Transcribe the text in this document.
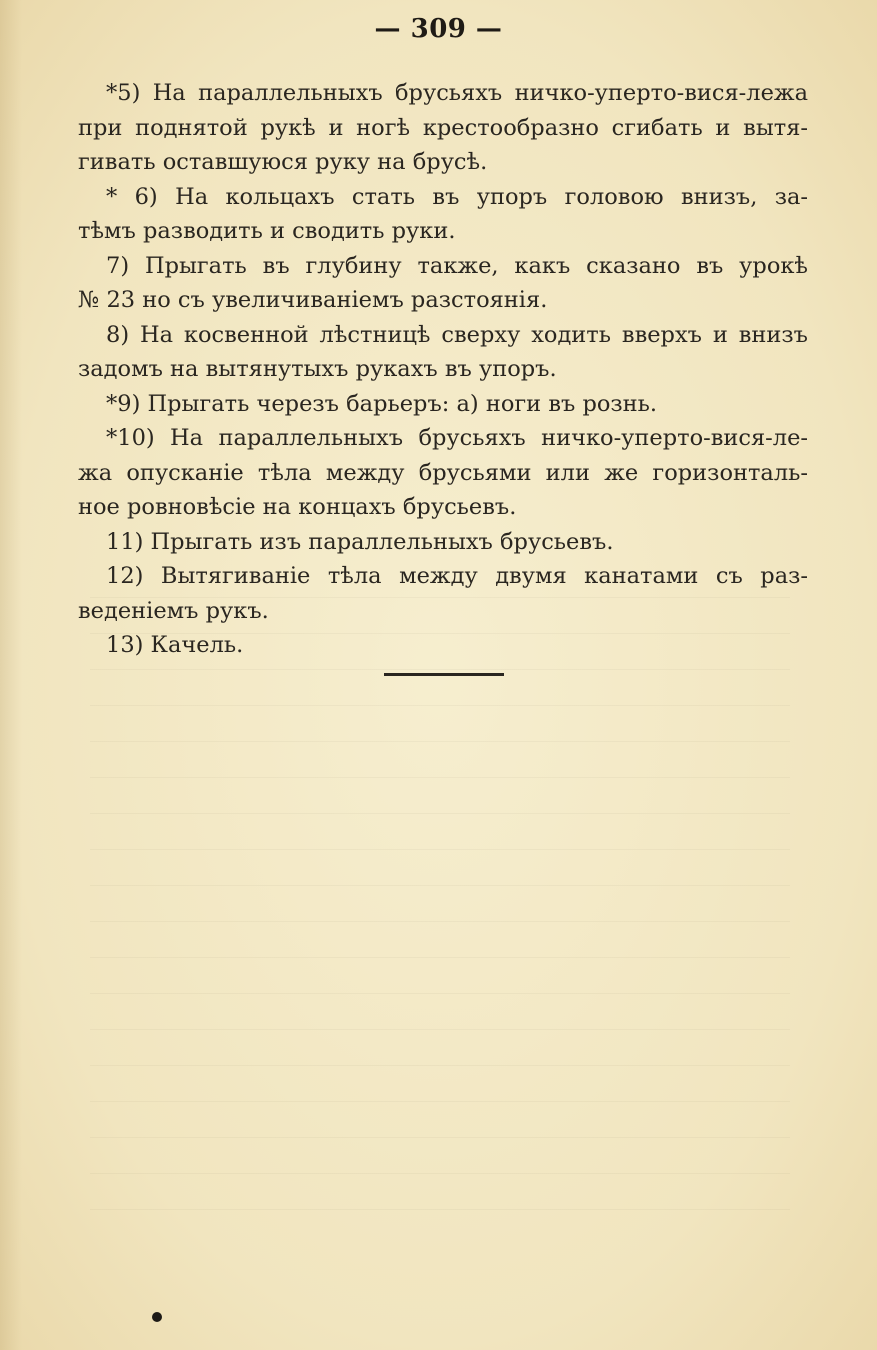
— 309 —

*5) На параллельныхъ брусьяхъ ничко-уперто-вися-лежа
при поднятой рукѣ и ногѣ крестообразно сгибать и вытя-
гивать оставшуюся руку на брусѣ.

* 6) На кольцахъ стать въ упоръ головою внизъ, за-
тѣмъ разводить и сводить руки.

7) Прыгать въ глубину также, какъ сказано въ урокѣ
№ 23 но съ увеличиваніемъ разстоянія.

8) На косвенной лѣстницѣ сверху ходить вверхъ и внизъ
задомъ на вытянутыхъ рукахъ въ упоръ.

*9) Прыгать черезъ барьеръ: а) ноги въ рознь.

*10) На параллельныхъ брусьяхъ ничко-уперто-вися-ле-
жа опусканіе тѣла между брусьями или же горизонталь-
ное ровновѣсіе на концахъ брусьевъ.

11) Прыгать изъ параллельныхъ брусьевъ.

12) Вытягиваніе тѣла между двумя канатами съ раз-
веденіемъ рукъ.

13) Качель.
